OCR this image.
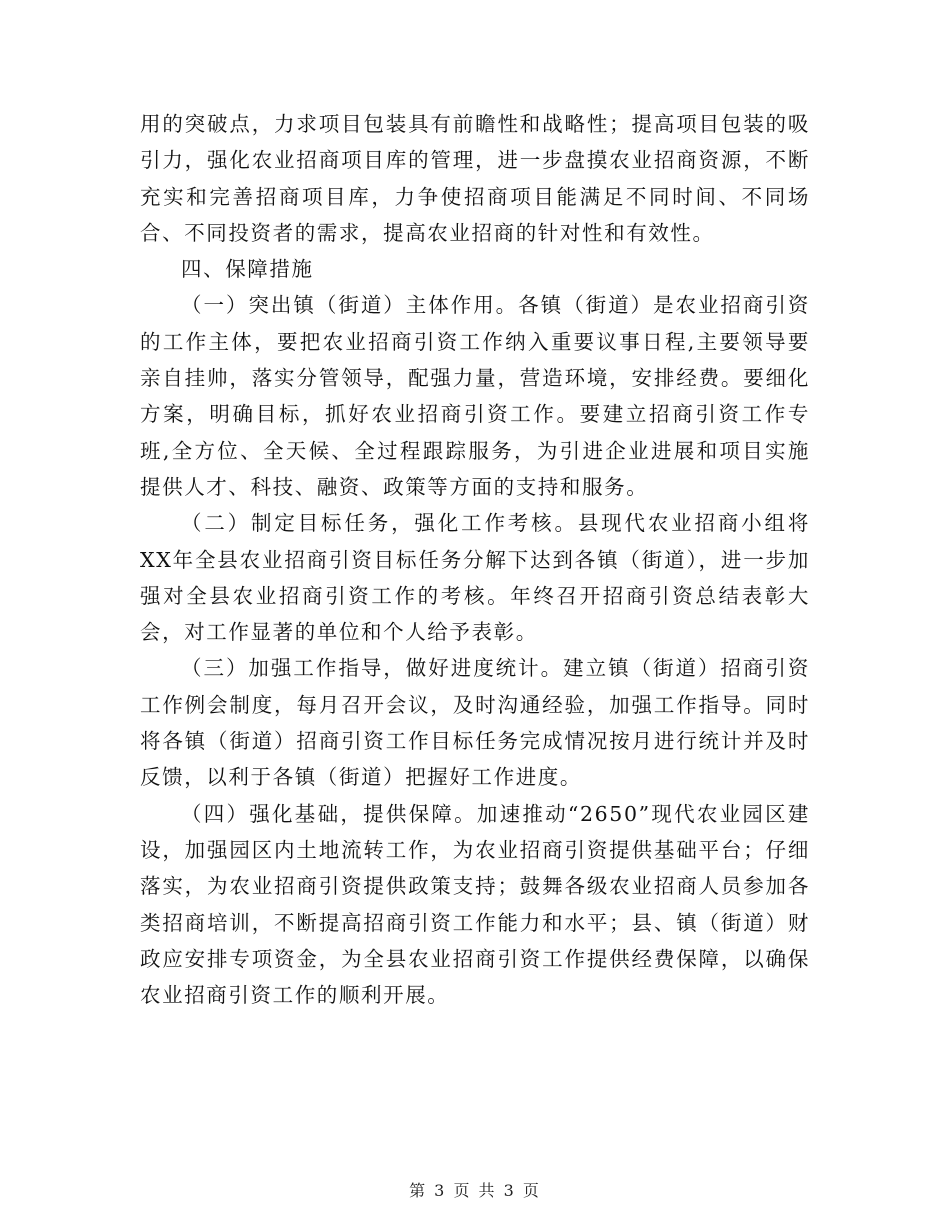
用的突破点，力求项目包装具有前瞻性和战略性；提高项目包装的吸引力，强化农业招商项目库的管理，进一步盘摸农业招商资源，不断充实和完善招商项目库，力争使招商项目能满足不同时间、不同场合、不同投资者的需求，提高农业招商的针对性和有效性。

四、保障措施

（一）突出镇（街道）主体作用。各镇（街道）是农业招商引资的工作主体，要把农业招商引资工作纳入重要议事日程,主要领导要亲自挂帅，落实分管领导，配强力量，营造环境，安排经费。要细化方案，明确目标，抓好农业招商引资工作。要建立招商引资工作专班,全方位、全天候、全过程跟踪服务，为引进企业进展和项目实施提供人才、科技、融资、政策等方面的支持和服务。

（二）制定目标任务，强化工作考核。县现代农业招商小组将XX年全县农业招商引资目标任务分解下达到各镇（街道），进一步加强对全县农业招商引资工作的考核。年终召开招商引资总结表彰大会，对工作显著的单位和个人给予表彰。

（三）加强工作指导，做好进度统计。建立镇（街道）招商引资工作例会制度，每月召开会议，及时沟通经验，加强工作指导。同时将各镇（街道）招商引资工作目标任务完成情况按月进行统计并及时反馈，以利于各镇（街道）把握好工作进度。

（四）强化基础，提供保障。加速推动“2650”现代农业园区建设，加强园区内土地流转工作，为农业招商引资提供基础平台；仔细落实，为农业招商引资提供政策支持；鼓舞各级农业招商人员参加各类招商培训，不断提高招商引资工作能力和水平；县、镇（街道）财政应安排专项资金，为全县农业招商引资工作提供经费保障，以确保农业招商引资工作的顺利开展。

第 3 页 共 3 页
